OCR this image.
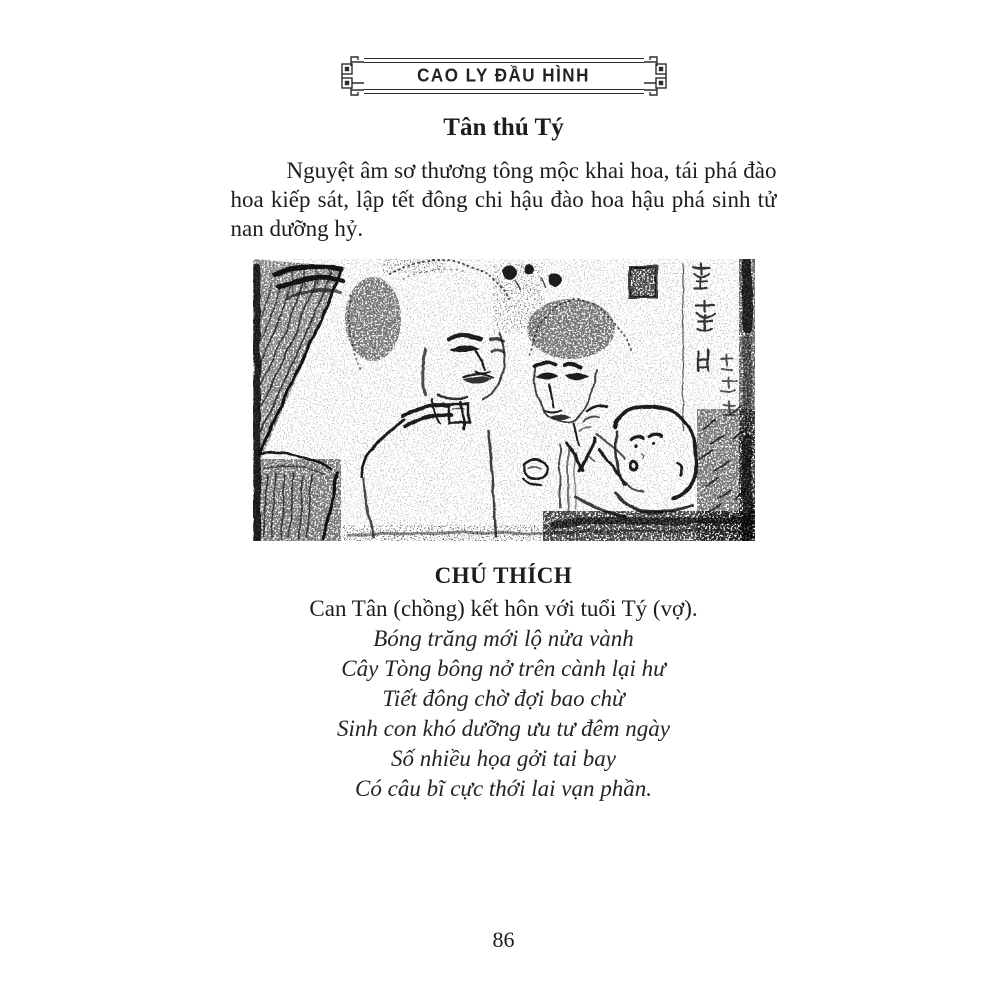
CAO LY ĐẦU HÌNH
Tân thú Tý

Nguyệt âm sơ thương tông mộc khai hoa, tái phá đào hoa kiếp sát, lập tết đông chi hậu đào hoa hậu phá sinh tử nan dưỡng hỷ.

CHÚ THÍCH

Can Tân (chồng) kết hôn với tuổi Tý (vợ).

Bóng trăng mới lộ nửa vành
Cây Tòng bông nở trên cành lại hư
Tiết đông chờ đợi bao chừ
Sinh con khó dưỡng ưu tư đêm ngày
Số nhiều họa gởi tai bay
Có câu bĩ cực thới lai vạn phần.
86
